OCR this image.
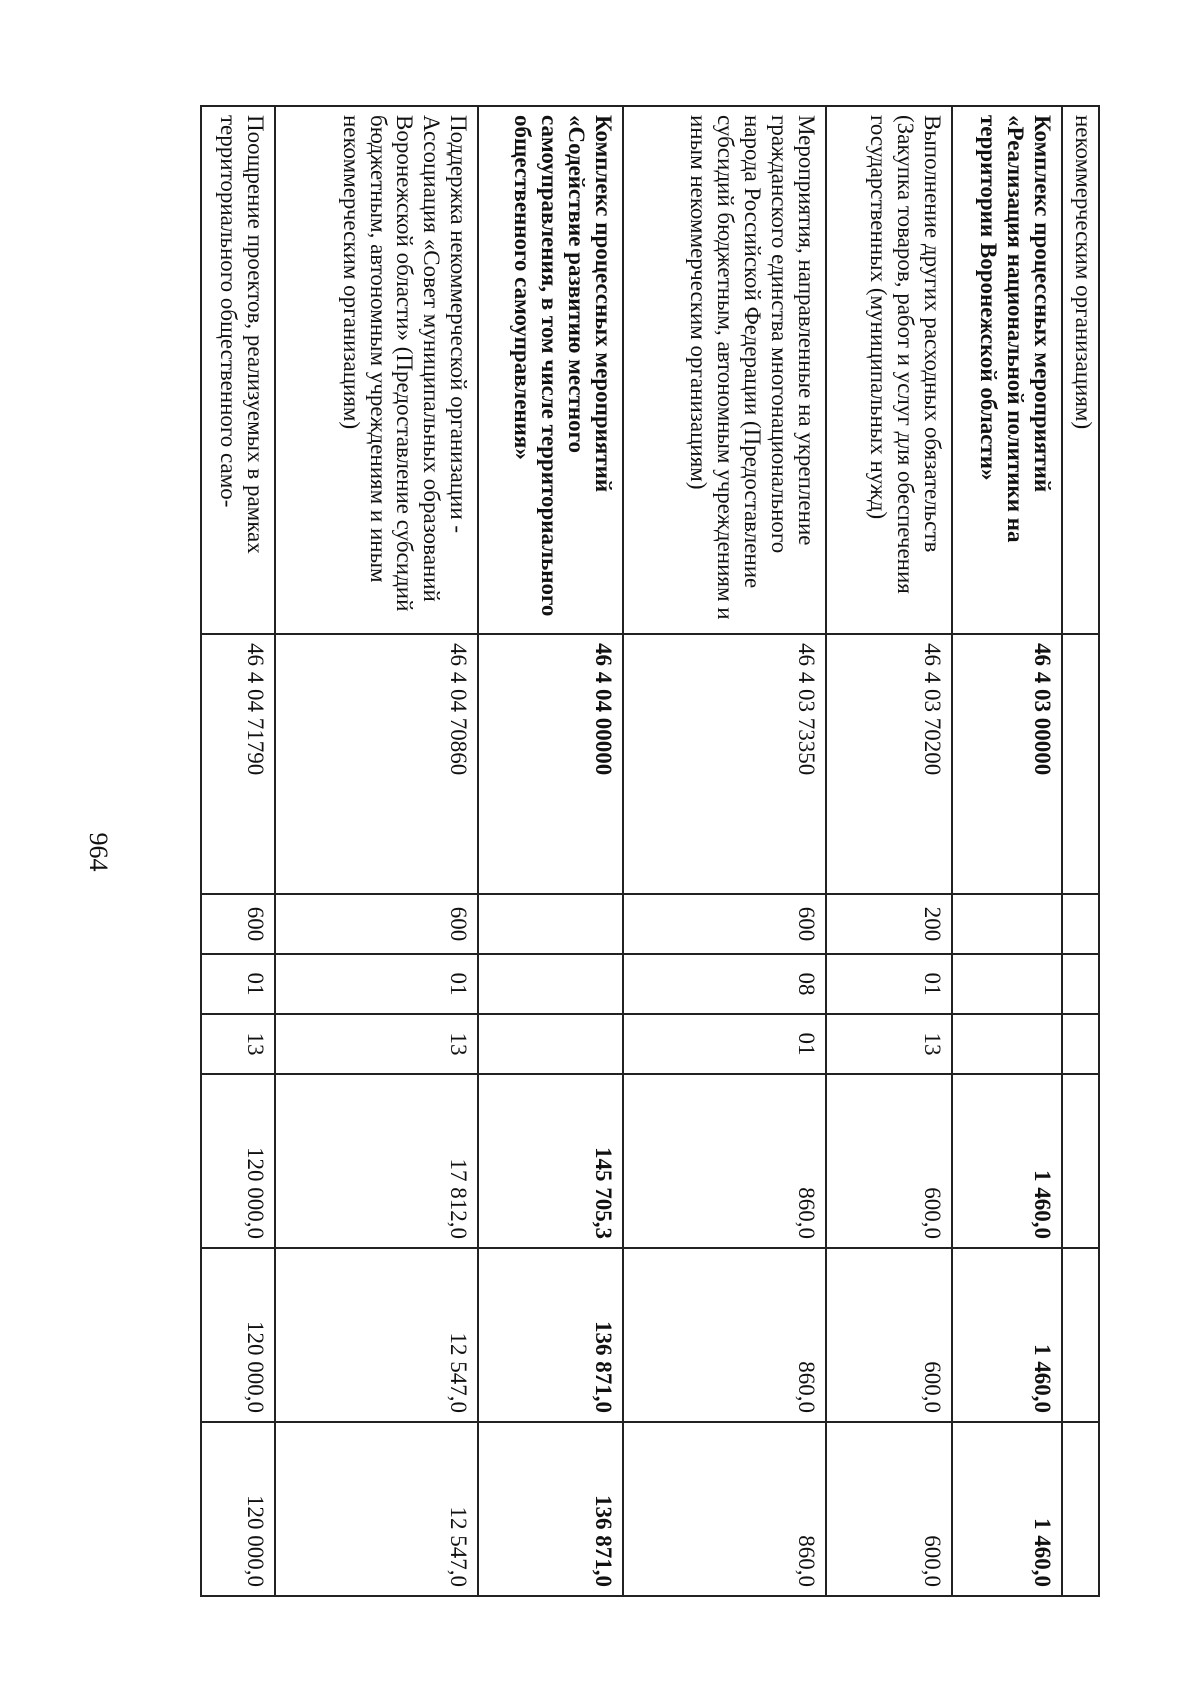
964
некоммерческим организациям)							
Комплекс процессных мероприятий «Реализация национальной политики на территории Воронежской области»	46 4 03 00000				1 460,0	1 460,0	1 460,0
Выполнение других расходных обязательств (Закупка товаров, работ и услуг для обеспечения государственных (муниципальных нужд)	46 4 03 70200	200	01	13	600,0	600,0	600,0
Мероприятия, направленные на укрепление гражданского единства многонационального народа Российской Федерации (Предоставление субсидий бюджетным, автономным учреждениям и иным некоммерческим организациям)	46 4 03 73350	600	08	01	860,0	860,0	860,0
Комплекс процессных мероприятий «Содействие развитию местного самоуправления, в том числе территориального общественного самоуправления»	46 4 04 00000				145 705,3	136 871,0	136 871,0
Поддержка некоммерческой организации - Ассоциация «Совет муниципальных образований Воронежской области» (Предоставление субсидий бюджетным, автономным учреждениям и иным некоммерческим организациям)	46 4 04 70860	600	01	13	17 812,0	12 547,0	12 547,0
Поощрение проектов, реализуемых в рамках территориального общественного само-	46 4 04 71790	600	01	13	120 000,0	120 000,0	120 000,0
